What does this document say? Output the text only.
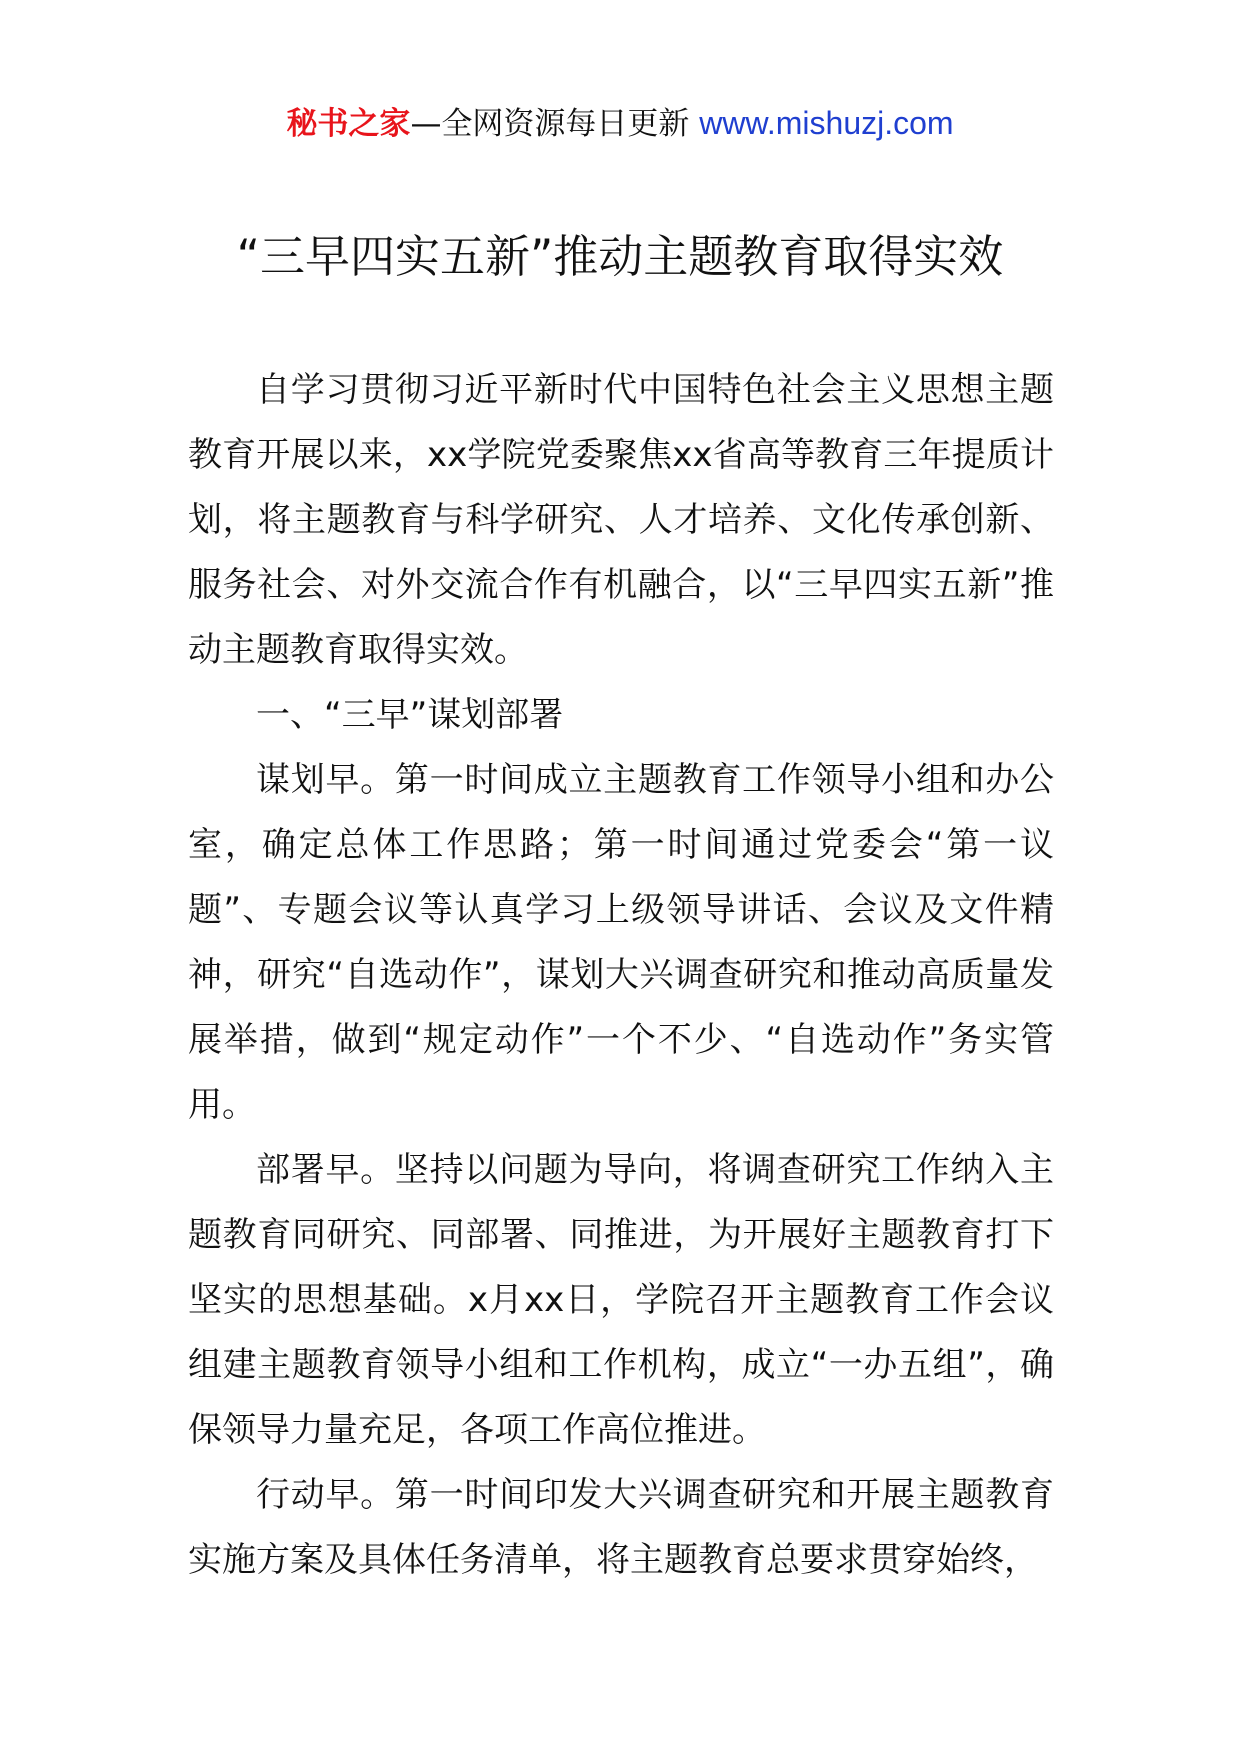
秘书之家—全网资源每日更新 www.mishuzj.com
“三早四实五新”推动主题教育取得实效

自学习贯彻习近平新时代中国特色社会主义思想主题教育开展以来，xx学院党委聚焦xx省高等教育三年提质计划，将主题教育与科学研究、人才培养、文化传承创新、服务社会、对外交流合作有机融合，以“三早四实五新”推动主题教育取得实效。

一、“三早”谋划部署

谋划早。第一时间成立主题教育工作领导小组和办公室，确定总体工作思路；第一时间通过党委会“第一议题”、专题会议等认真学习上级领导讲话、会议及文件精神，研究“自选动作”，谋划大兴调查研究和推动高质量发展举措，做到“规定动作”一个不少、“自选动作”务实管用。

部署早。坚持以问题为导向，将调查研究工作纳入主题教育同研究、同部署、同推进，为开展好主题教育打下坚实的思想基础。x月xx日，学院召开主题教育工作会议组建主题教育领导小组和工作机构，成立“一办五组”，确保领导力量充足，各项工作高位推进。

行动早。第一时间印发大兴调查研究和开展主题教育实施方案及具体任务清单，将主题教育总要求贯穿始终，
